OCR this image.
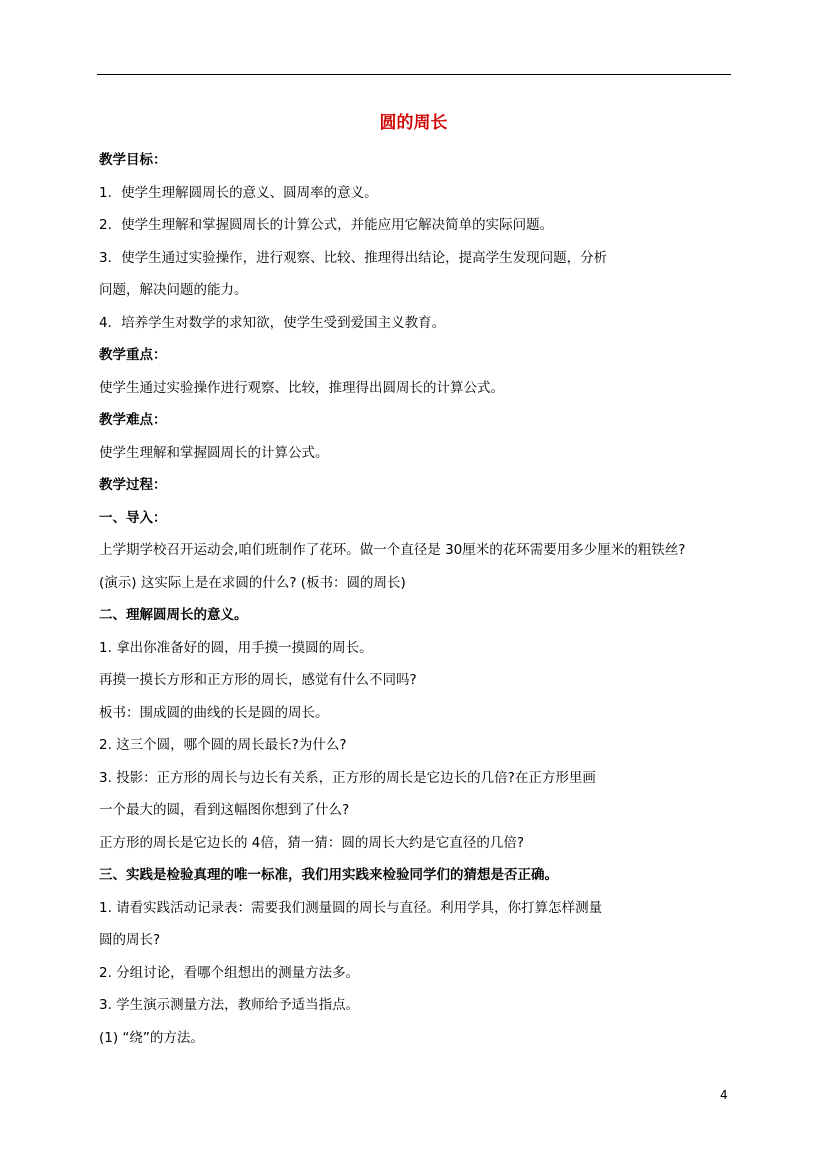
圆的周长
教学目标：
1．使学生理解圆周长的意义、圆周率的意义。
2．使学生理解和掌握圆周长的计算公式，并能应用它解决简单的实际问题。
3．使学生通过实验操作，进行观察、比较、推理得出结论，提高学生发现问题，分析
问题，解决问题的能力。
4．培养学生对数学的求知欲，使学生受到爱国主义教育。
教学重点：
使学生通过实验操作进行观察、比较，推理得出圆周长的计算公式。
教学难点：
使学生理解和掌握圆周长的计算公式。
教学过程：
一、导入：
上学期学校召开运动会,咱们班制作了花环。做一个直径是 30厘米的花环需要用多少厘米的粗铁丝?
(演示) 这实际上是在求圆的什么? (板书：圆的周长)
二、理解圆周长的意义。
1. 拿出你准备好的圆，用手摸一摸圆的周长。
再摸一摸长方形和正方形的周长，感觉有什么不同吗?
板书：围成圆的曲线的长是圆的周长。
2. 这三个圆，哪个圆的周长最长?为什么?
3. 投影：正方形的周长与边长有关系，正方形的周长是它边长的几倍?在正方形里画
一个最大的圆，看到这幅图你想到了什么?
正方形的周长是它边长的 4倍，猜一猜：圆的周长大约是它直径的几倍?
三、实践是检验真理的唯一标准，我们用实践来检验同学们的猜想是否正确。
1. 请看实践活动记录表：需要我们测量圆的周长与直径。利用学具，你打算怎样测量
圆的周长?
2. 分组讨论，看哪个组想出的测量方法多。
3. 学生演示测量方法，教师给予适当指点。
(1) “绕”的方法。
4
